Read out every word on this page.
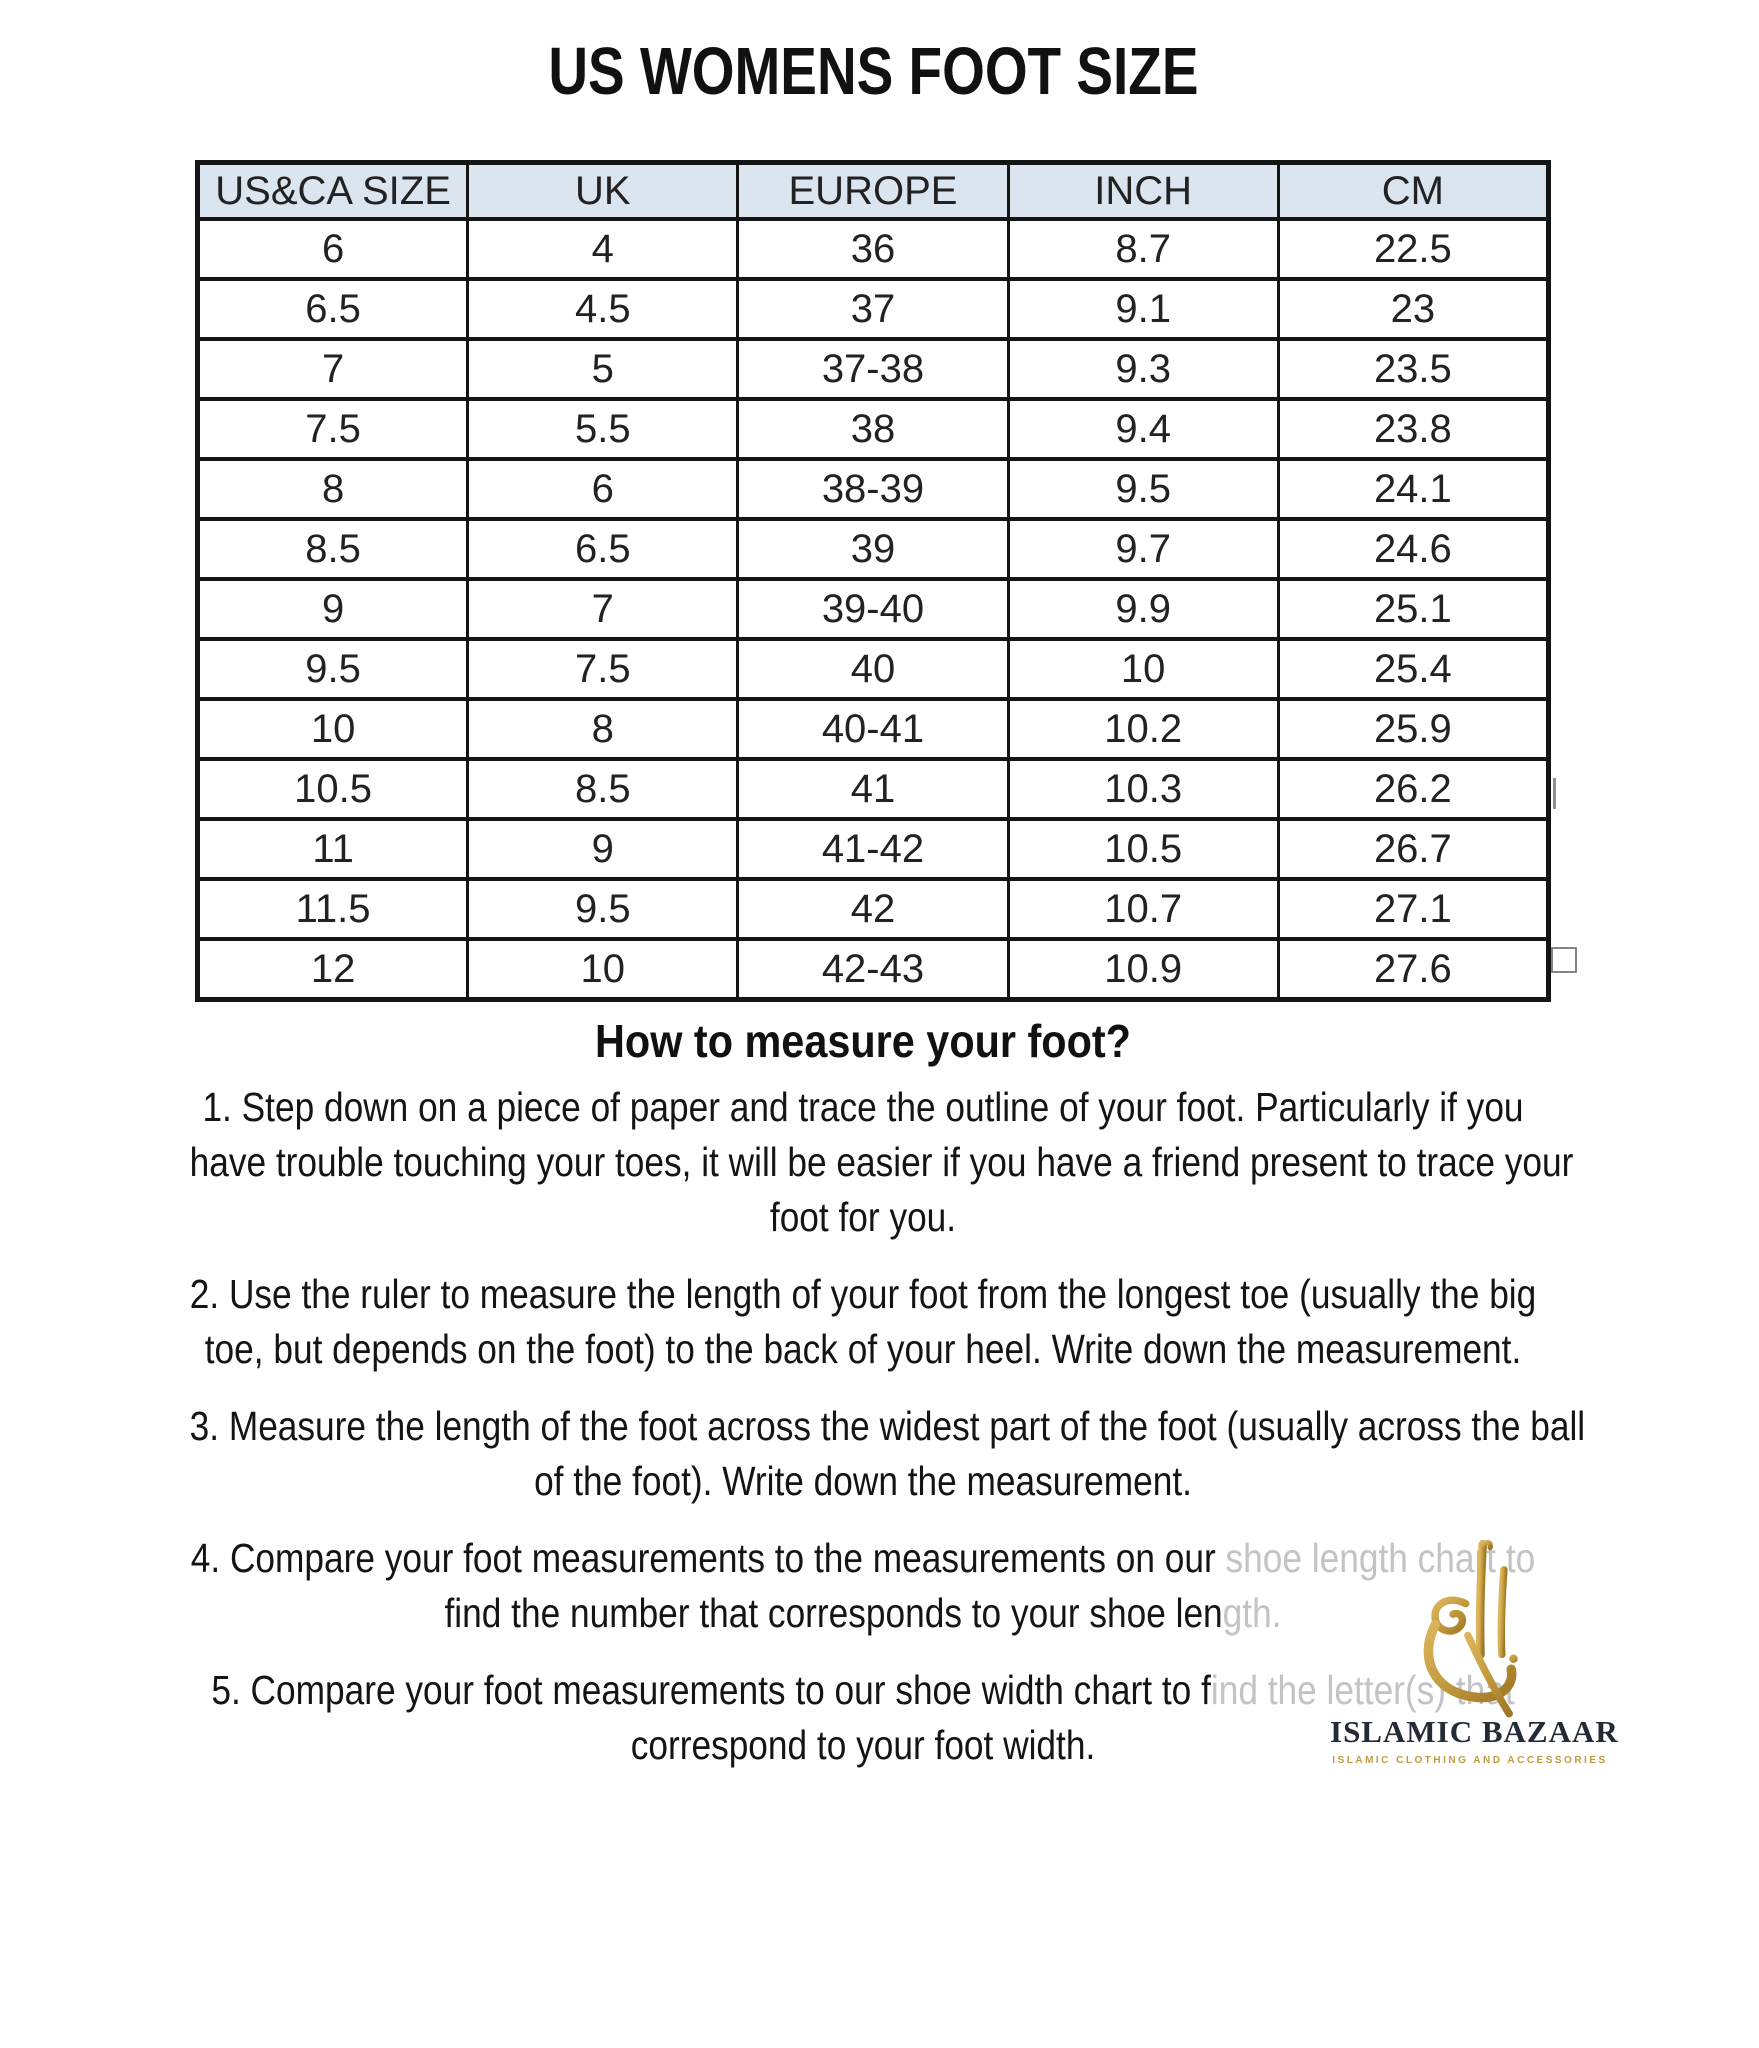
US WOMENS FOOT SIZE
US&CA SIZE	UK	EUROPE	INCH	CM
6	4	36	8.7	22.5
6.5	4.5	37	9.1	23
7	5	37-38	9.3	23.5
7.5	5.5	38	9.4	23.8
8	6	38-39	9.5	24.1
8.5	6.5	39	9.7	24.6
9	7	39-40	9.9	25.1
9.5	7.5	40	10	25.4
10	8	40-41	10.2	25.9
10.5	8.5	41	10.3	26.2
11	9	41-42	10.5	26.7
11.5	9.5	42	10.7	27.1
12	10	42-43	10.9	27.6
How to measure your foot?
1. Step down on a piece of paper and trace the outline of your foot. Particularly if you
have trouble touching your toes, it will be easier if you have a friend present to trace your
foot for you.
2. Use the ruler to measure the length of your foot from the longest toe (usually the big
toe, but depends on the foot) to the back of your heel. Write down the measurement.
3. Measure the length of the foot across the widest part of the foot (usually across the ball
of the foot). Write down the measurement.
4. Compare your foot measurements to the measurements on our shoe length chart to
find the number that corresponds to your shoe length.
5. Compare your foot measurements to our shoe width chart to find the letter(s) that
correspond to your foot width.	ISLAMIC BAZAAR
ISLAMIC CLOTHING AND ACCESSORIES
